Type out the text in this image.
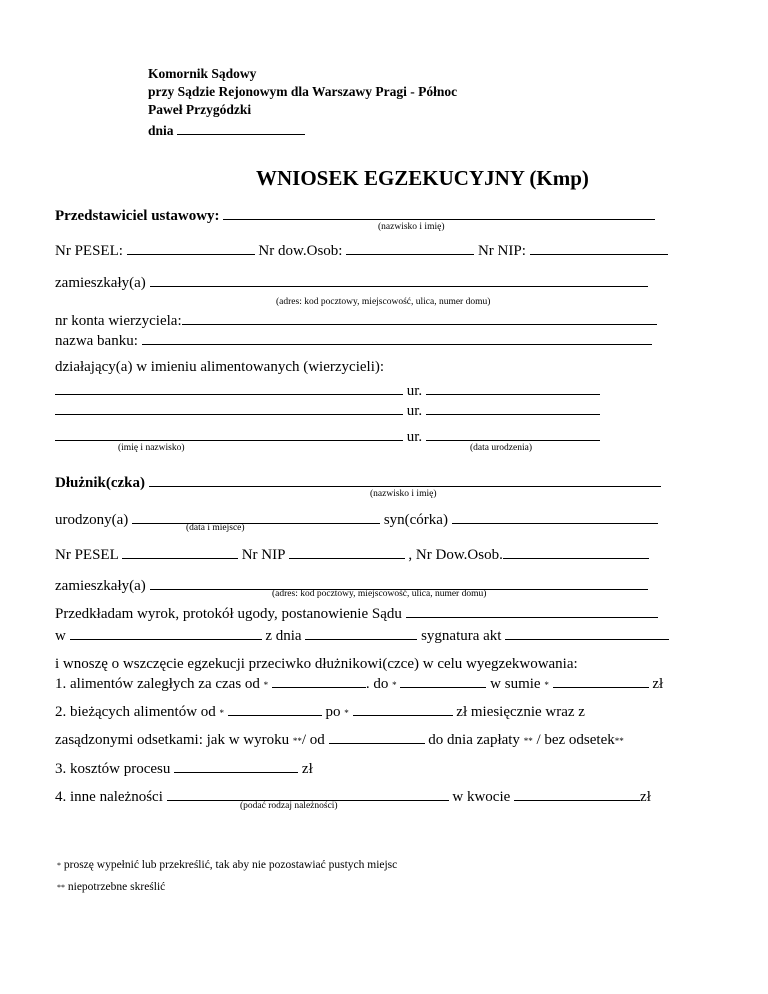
Komornik Sądowy
przy Sądzie Rejonowym dla Warszawy Pragi - Północ
Paweł Przygódzki
dnia
WNIOSEK EGZEKUCYJNY (Kmp)
Przedstawiciel ustawowy:
(nazwisko i imię)
Nr PESEL:	Nr dow.Osob:	Nr NIP:
zamieszkały(a)
(adres: kod pocztowy, miejscowość, ulica, numer domu)
nr konta wierzyciela:
nazwa banku:
działający(a) w imieniu alimentowanych (wierzycieli):
ur.
ur.
ur.
(imię i nazwisko)	(data urodzenia)
Dłużnik(czka)
(nazwisko i imię)
urodzony(a)	syn(córka)
(data i miejsce)
Nr PESEL	Nr NIP	, Nr Dow.Osob.
zamieszkały(a)	(adres: kod pocztowy, miejscowość, ulica, numer domu)
Przedkładam wyrok, protokół ugody, postanowienie Sądu
w	z dnia	sygnatura akt
i wnoszę o wszczęcie egzekucji przeciwko dłużnikowi(czce) w celu wyegzekwowania:
1. alimentów zaległych za czas od *	. do *	w sumie *	zł
2. bieżących alimentów od *	po *	zł miesięcznie wraz z
zasądzonymi odsetkami: jak w wyroku **/ od	do dnia zapłaty ** / bez odsetek**
3. kosztów procesu	zł
4. inne należności	w kwocie	zł
(podać rodzaj należności)
* proszę wypełnić lub przekreślić, tak aby nie pozostawiać pustych miejsc
** niepotrzebne skreślić
